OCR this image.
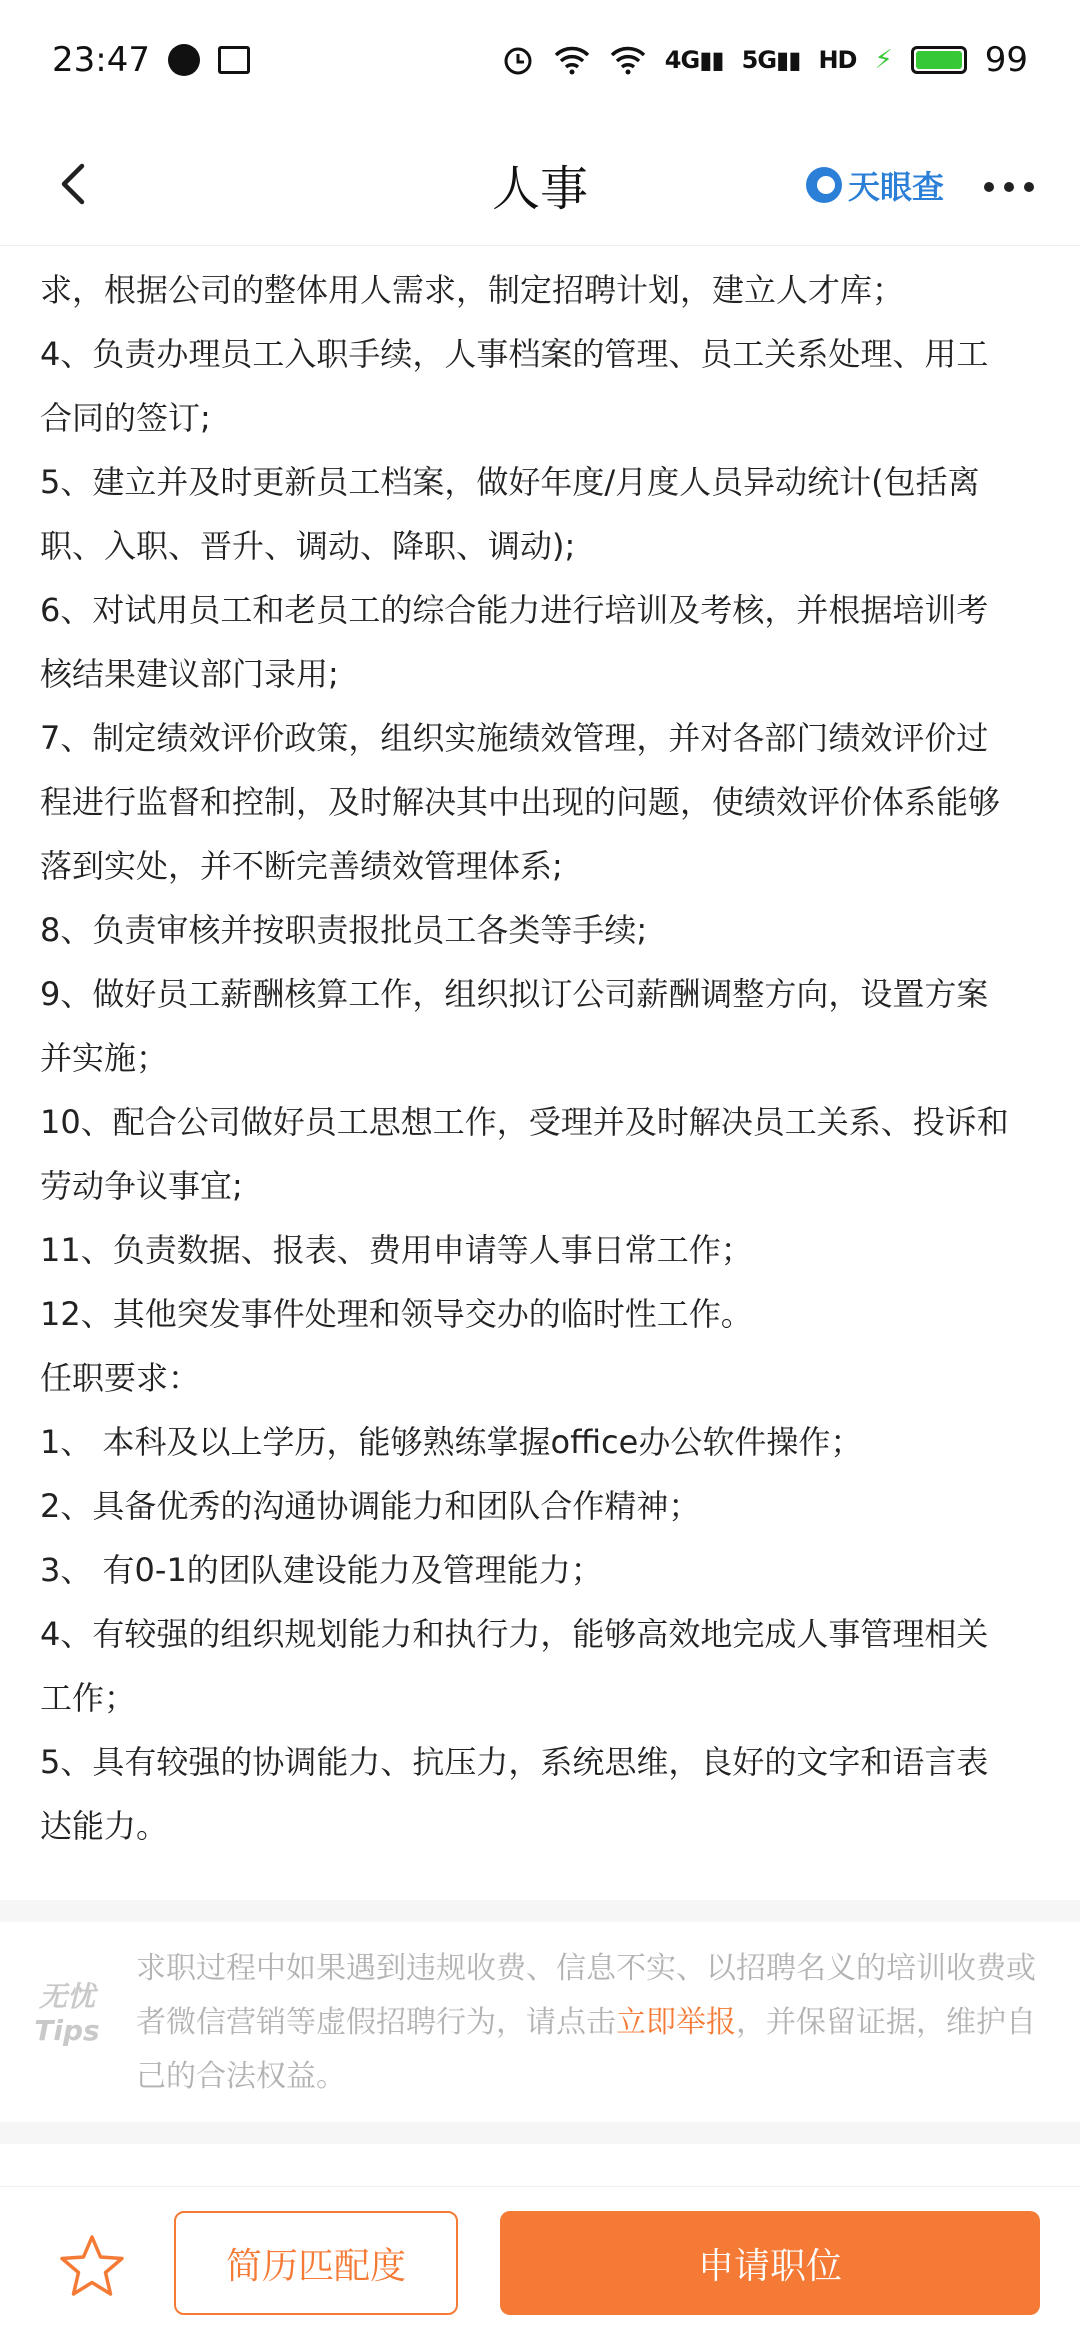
23:47	4G▮▮ 5G▮▮ HD ⚡	99
人事	天眼查

求，根据公司的整体用人需求，制定招聘计划，建立人才库；

4、负责办理员工入职手续，人事档案的管理、员工关系处理、用工

合同的签订;

5、建立并及时更新员工档案，做好年度/月度人员异动统计(包括离

职、入职、晋升、调动、降职、调动);

6、对试用员工和老员工的综合能力进行培训及考核，并根据培训考

核结果建议部门录用;

7、制定绩效评价政策，组织实施绩效管理，并对各部门绩效评价过

程进行监督和控制，及时解决其中出现的问题，使绩效评价体系能够

落到实处，并不断完善绩效管理体系;

8、负责审核并按职责报批员工各类等手续;

9、做好员工薪酬核算工作，组织拟订公司薪酬调整方向，设置方案

并实施；

10、配合公司做好员工思想工作，受理并及时解决员工关系、投诉和

劳动争议事宜;

11、负责数据、报表、费用申请等人事日常工作；

12、其他突发事件处理和领导交办的临时性工作。

任职要求：

1、 本科及以上学历，能够熟练掌握office办公软件操作；

2、具备优秀的沟通协调能力和团队合作精神；

3、 有0-1的团队建设能力及管理能力；

4、有较强的组织规划能力和执行力，能够高效地完成人事管理相关

工作；

5、具有较强的协调能力、抗压力，系统思维，良好的文字和语言表

达能力。

无忧
Tips
求职过程中如果遇到违规收费、信息不实、以招聘名义的培训收费或者微信营销等虚假招聘行为，请点击立即举报，并保留证据，维护自己的合法权益。
简历匹配度	申请职位
